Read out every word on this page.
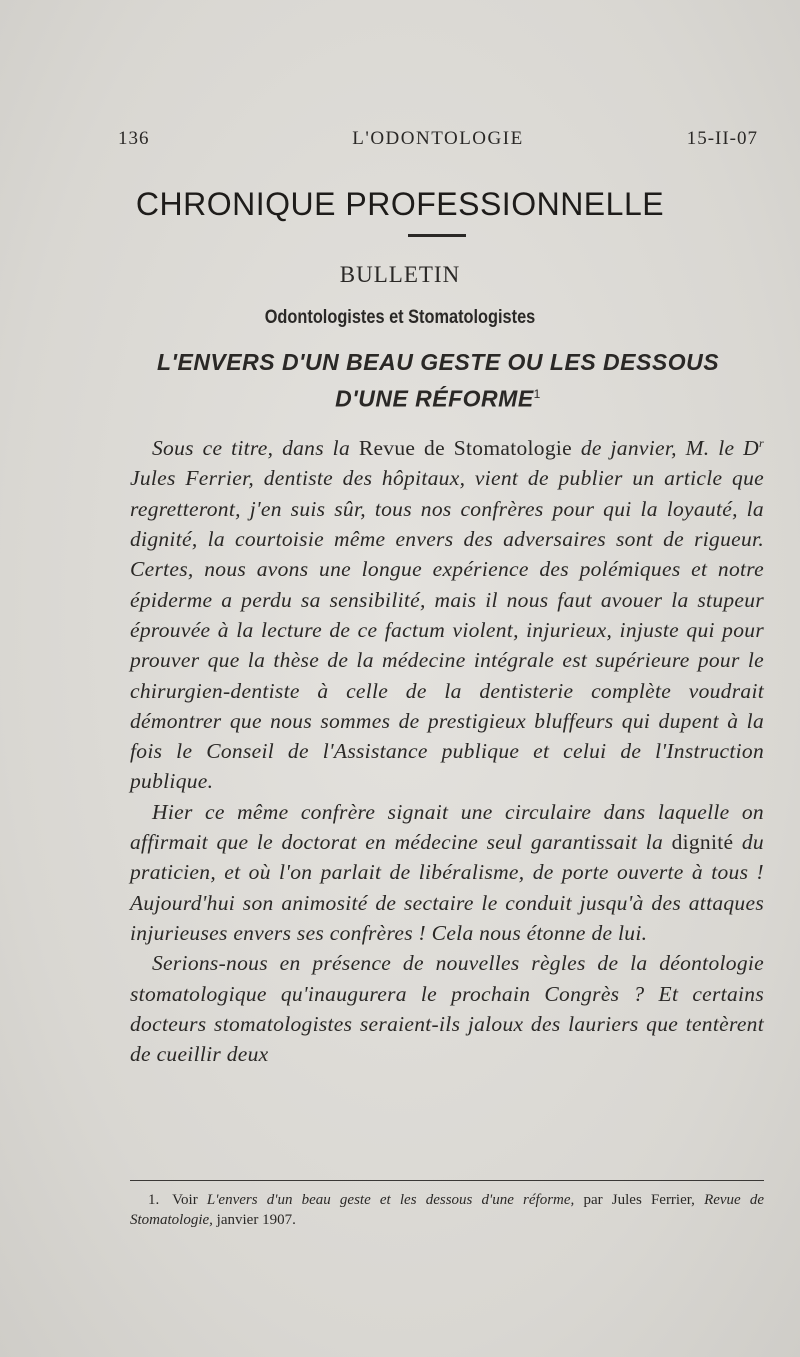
L'ODONTOLOGIE
136	15-II-07
CHRONIQUE PROFESSIONNELLE
BULLETIN
Odontologistes et Stomatologistes
L'ENVERS D'UN BEAU GESTE OU LES DESSOUS
D'UNE RÉFORME$^1$

Sous ce titre, dans la Revue de Stomatologie de janvier, M. le $D^r$ Jules Ferrier, dentiste des hôpitaux, vient de publier un article que regretteront, j'en suis sûr, tous nos confrères pour qui la loyauté, la dignité, la courtoisie même envers des adversaires sont de rigueur. Certes, nous avons une longue expérience des polémiques et notre épiderme a perdu sa sensibilité, mais il nous faut avouer la stupeur éprouvée à la lecture de ce factum violent, injurieux, injuste qui pour prouver que la thèse de la médecine intégrale est supérieure pour le chirurgien-dentiste à celle de la dentisterie complète voudrait démontrer que nous sommes de prestigieux bluffeurs qui dupent à la fois le Conseil de l'Assistance publique et celui de l'Instruction publique.

Hier ce même confrère signait une circulaire dans laquelle on affirmait que le doctorat en médecine seul garantissait la dignité du praticien, et où l'on parlait de libéralisme, de porte ouverte à tous ! Aujourd'hui son animosité de sectaire le conduit jusqu'à des attaques injurieuses envers ses confrères ! Cela nous étonne de lui.

Serions-nous en présence de nouvelles règles de la déontologie stomatologique qu'inaugurera le prochain Congrès ? Et certains docteurs stomatologistes seraient-ils jaloux des lauriers que tentèrent de cueillir deux

1. Voir L'envers d'un beau geste et les dessous d'une réforme, par Jules Ferrier, Revue de Stomatologie, janvier 1907.
